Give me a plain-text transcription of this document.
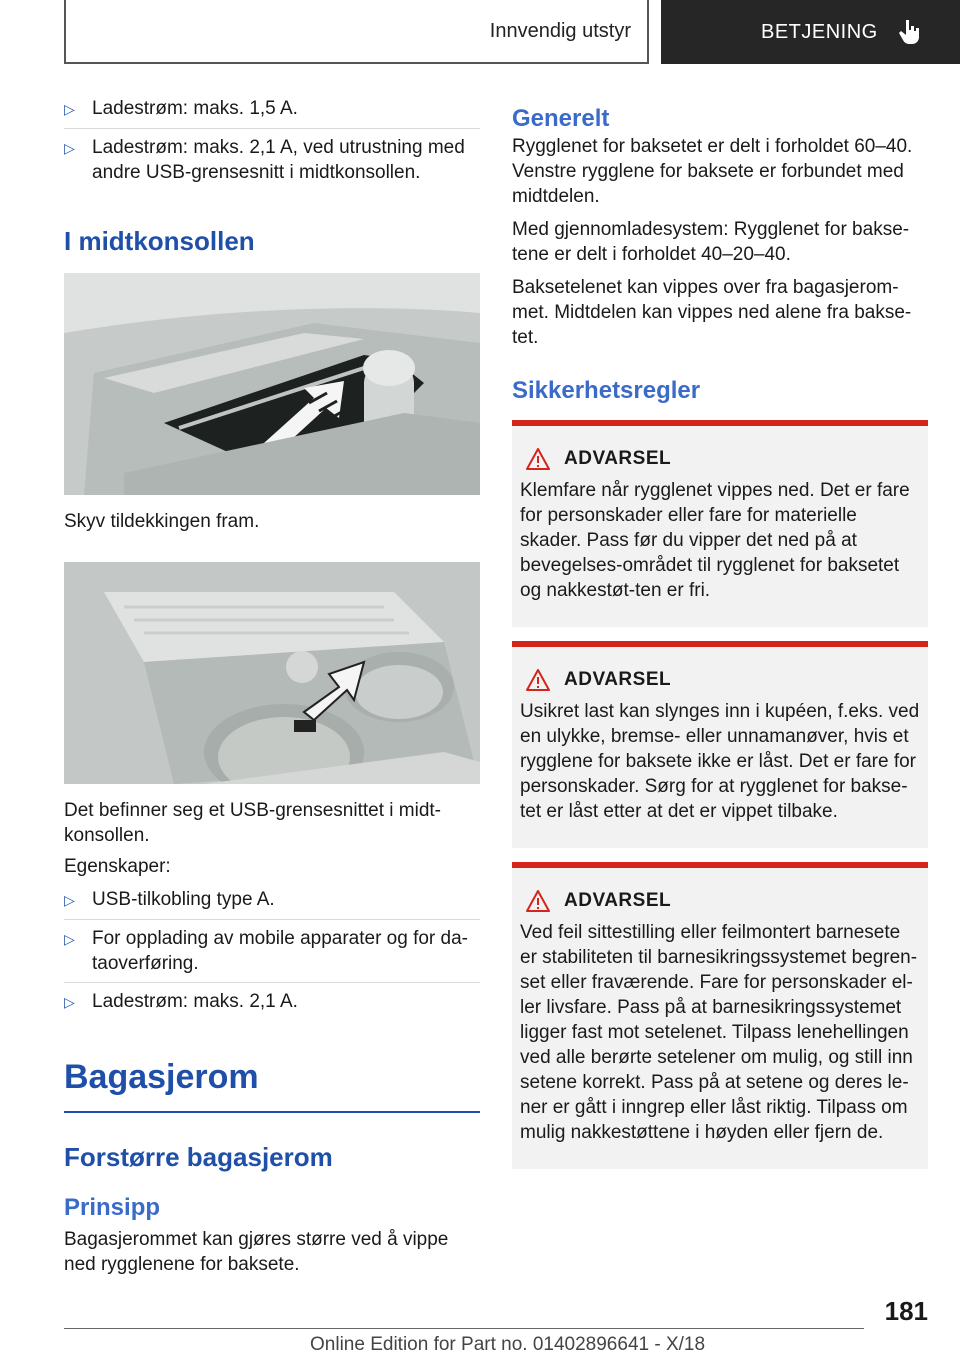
Innvendig utstyr	BETJENING
▷ Ladestrøm: maks. 1,5 A.
▷ Ladestrøm: maks. 2,1 A, ved utrustning med andre USB-grensesnitt i midtkonsollen.
I midtkonsollen

Skyv tildekkingen fram.

Det befinner seg et USB-grensesnittet i midt-konsollen.

Egenskaper:

▷ USB-tilkobling type A.
▷ For opplading av mobile apparater og for da-taoverføring.
▷ Ladestrøm: maks. 2,1 A.
Bagasjerom
Forstørre bagasjerom
Prinsipp

Bagasjerommet kan gjøres større ved å vippe ned rygglenene for baksete.

Generelt

Rygglenet for baksetet er delt i forholdet 60–40. Venstre rygglene for baksete er forbundet med midtdelen.

Med gjennomladesystem: Rygglenet for bakse-tene er delt i forholdet 40–20–40.

Baksetelenet kan vippes over fra bagasjerom-met. Midtdelen kan vippes ned alene fra bakse-tet.

Sikkerhetsregler
ADVARSEL

Klemfare når rygglenet vippes ned. Det er fare for personskader eller fare for materielle skader. Pass før du vipper det ned på at bevegelses-området til rygglenet for baksetet og nakkestøt-ten er fri.

ADVARSEL

Usikret last kan slynges inn i kupéen, f.eks. ved en ulykke, bremse- eller unnamanøver, hvis et rygglene for baksete ikke er låst. Det er fare for personskader. Sørg for at rygglenet for bakse-tet er låst etter at det er vippet tilbake.

ADVARSEL

Ved feil sittestilling eller feilmontert barnesete er stabiliteten til barnesikringssystemet begren-set eller fraværende. Fare for personskader el-ler livsfare. Pass på at barnesikringssystemet ligger fast mot setelenet. Tilpass lenehellingen ved alle berørte setelener om mulig, og still inn setene korrekt. Pass på at setene og deres le-ner er gått i inngrep eller låst riktig. Tilpass om mulig nakkestøttene i høyden eller fjern de.

181
Online Edition for Part no. 01402896641 - X/18
